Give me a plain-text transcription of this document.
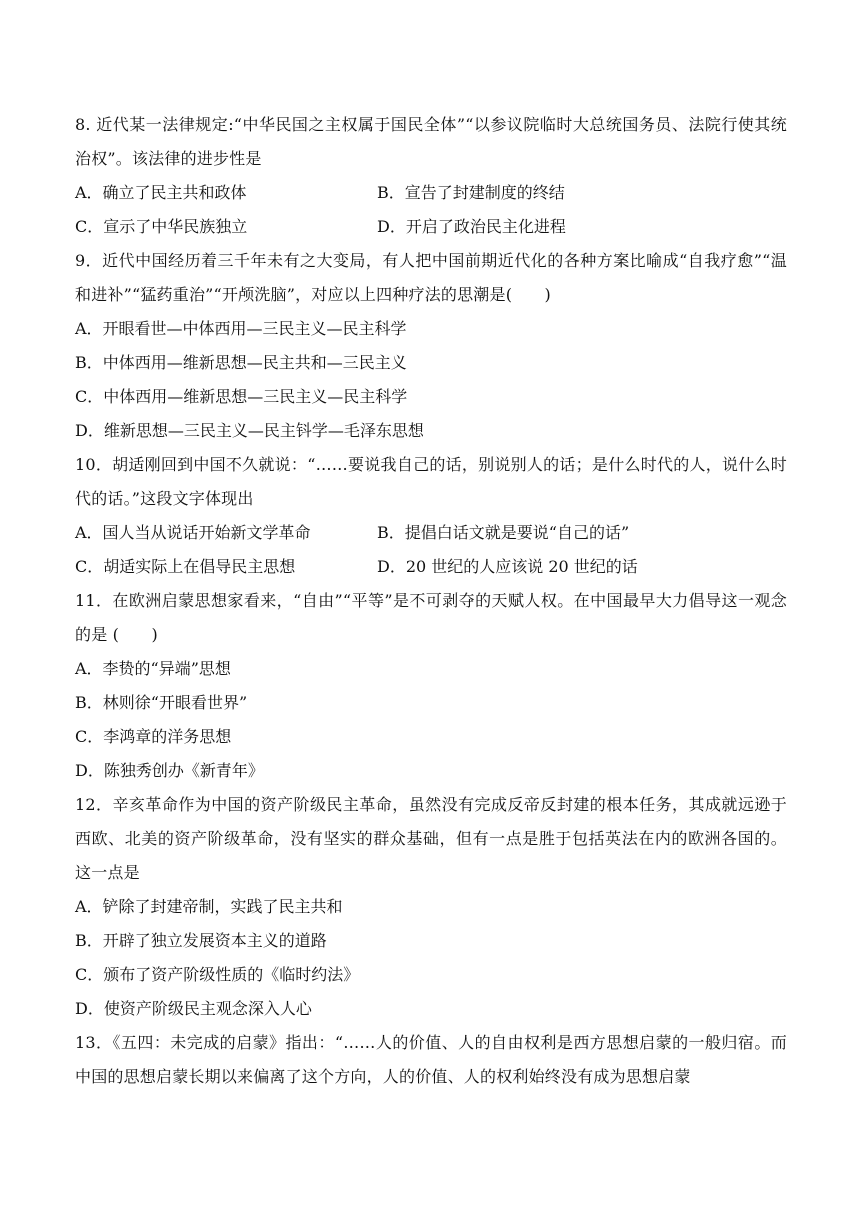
8. 近代某一法律规定:“中华民国之主权属于国民全体”“以参议院临时大总统国务员、法院行使其统治权”。该法律的进步性是

A．确立了民主共和政体	B．宣告了封建制度的终结
C．宣示了中华民族独立	D．开启了政治民主化进程

9．近代中国经历着三千年未有之大变局，有人把中国前期近代化的各种方案比喻成“自我疗愈”“温和进补”“猛药重治”“开颅洗脑”，对应以上四种疗法的思潮是(　　)

A．开眼看世—中体西用—三民主义—民主科学
B．中体西用—维新思想—民主共和—三民主义
C．中体西用—维新思想—三民主义—民主科学
D．维新思想—三民主义—民主钭学—毛泽东思想

10．胡适刚回到中国不久就说：“……要说我自己的话，别说别人的话；是什么时代的人，说什么时代的话。”这段文字体现出

A．国人当从说话开始新文学革命	B．提倡白话文就是要说“自己的话”
C．胡适实际上在倡导民主思想	D．20 世纪的人应该说 20 世纪的话

11．在欧洲启蒙思想家看来，“自由”“平等”是不可剥夺的天赋人权。在中国最早大力倡导这一观念的是 (　　)

A．李贽的“异端”思想
B．林则徐“开眼看世界”
C．李鸿章的洋务思想
D．陈独秀创办《新青年》

12．辛亥革命作为中国的资产阶级民主革命，虽然没有完成反帝反封建的根本任务，其成就远逊于西欧、北美的资产阶级革命，没有坚实的群众基础，但有一点是胜于包括英法在内的欧洲各国的。这一点是

A．铲除了封建帝制，实践了民主共和
B．开辟了独立发展资本主义的道路
C．颁布了资产阶级性质的《临时约法》
D．使资产阶级民主观念深入人心

13．《五四：未完成的启蒙》指出：“……人的价值、人的自由权利是西方思想启蒙的一般归宿。而中国的思想启蒙长期以来偏离了这个方向，人的价值、人的权利始终没有成为思想启蒙
